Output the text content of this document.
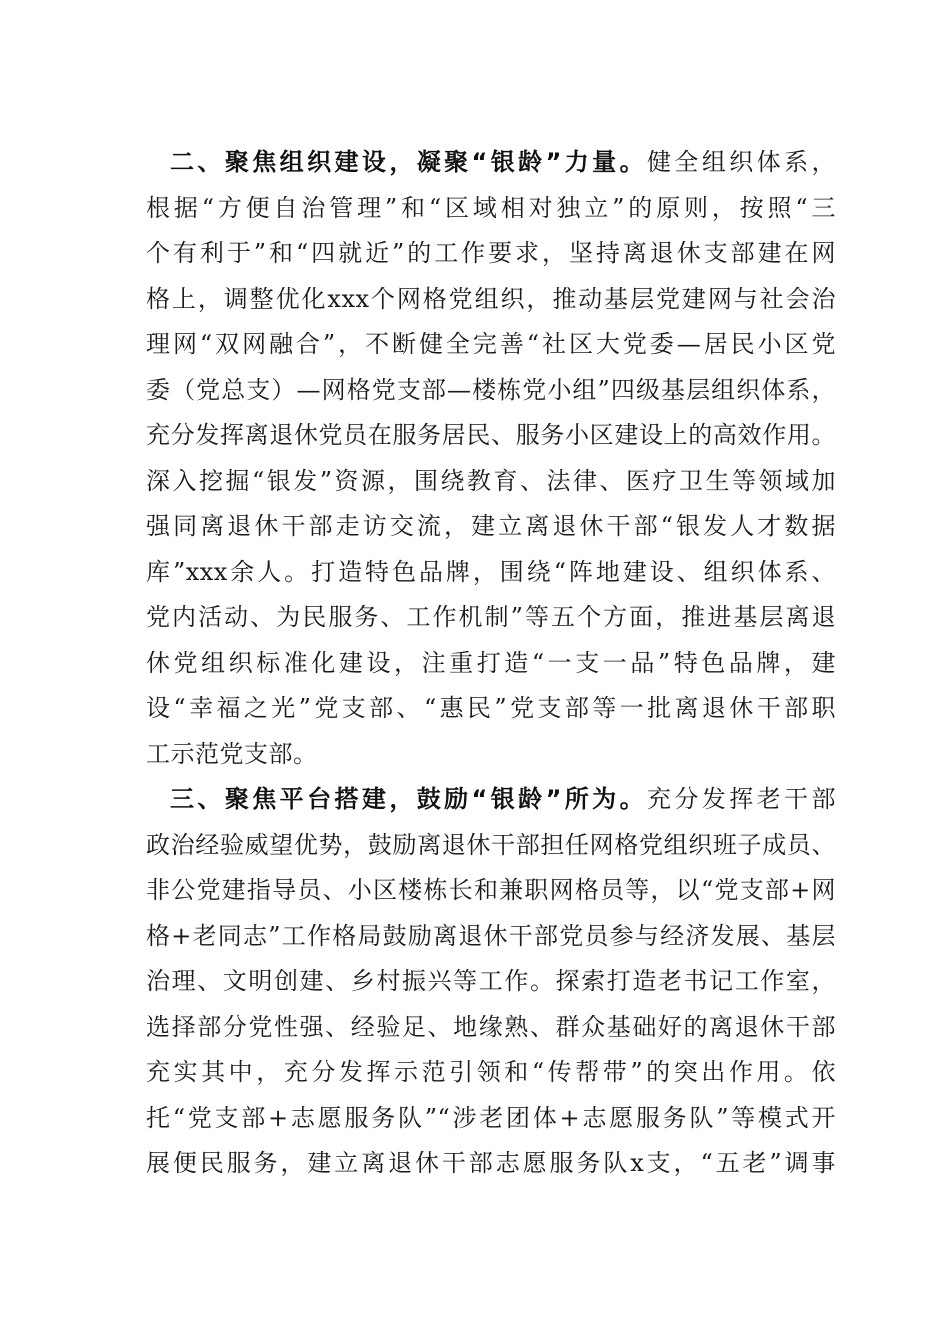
二、聚焦组织建设，凝聚“银龄”力量。健全组织体系，
根据“方便自治管理”和“区域相对独立”的原则，按照“三
个有利于”和“四就近”的工作要求，坚持离退休支部建在网
格上，调整优化xxx个网格党组织，推动基层党建网与社会治
理网“双网融合”，不断健全完善“社区大党委—居民小区党
委（党总支）—网格党支部—楼栋党小组”四级基层组织体系，
充分发挥离退休党员在服务居民、服务小区建设上的高效作用。
深入挖掘“银发”资源，围绕教育、法律、医疗卫生等领域加
强同离退休干部走访交流，建立离退休干部“银发人才数据
库”xxx余人。打造特色品牌，围绕“阵地建设、组织体系、
党内活动、为民服务、工作机制”等五个方面，推进基层离退
休党组织标准化建设，注重打造“一支一品”特色品牌，建
设“幸福之光”党支部、“惠民”党支部等一批离退休干部职
工示范党支部。
三、聚焦平台搭建，鼓励“银龄”所为。充分发挥老干部
政治经验威望优势，鼓励离退休干部担任网格党组织班子成员、
非公党建指导员、小区楼栋长和兼职网格员等，以“党支部+网
格+老同志”工作格局鼓励离退休干部党员参与经济发展、基层
治理、文明创建、乡村振兴等工作。探索打造老书记工作室，
选择部分党性强、经验足、地缘熟、群众基础好的离退休干部
充实其中，充分发挥示范引领和“传帮带”的突出作用。依
托“党支部+志愿服务队”“涉老团体+志愿服务队”等模式开
展便民服务，建立离退休干部志愿服务队x支，“五老”调事
